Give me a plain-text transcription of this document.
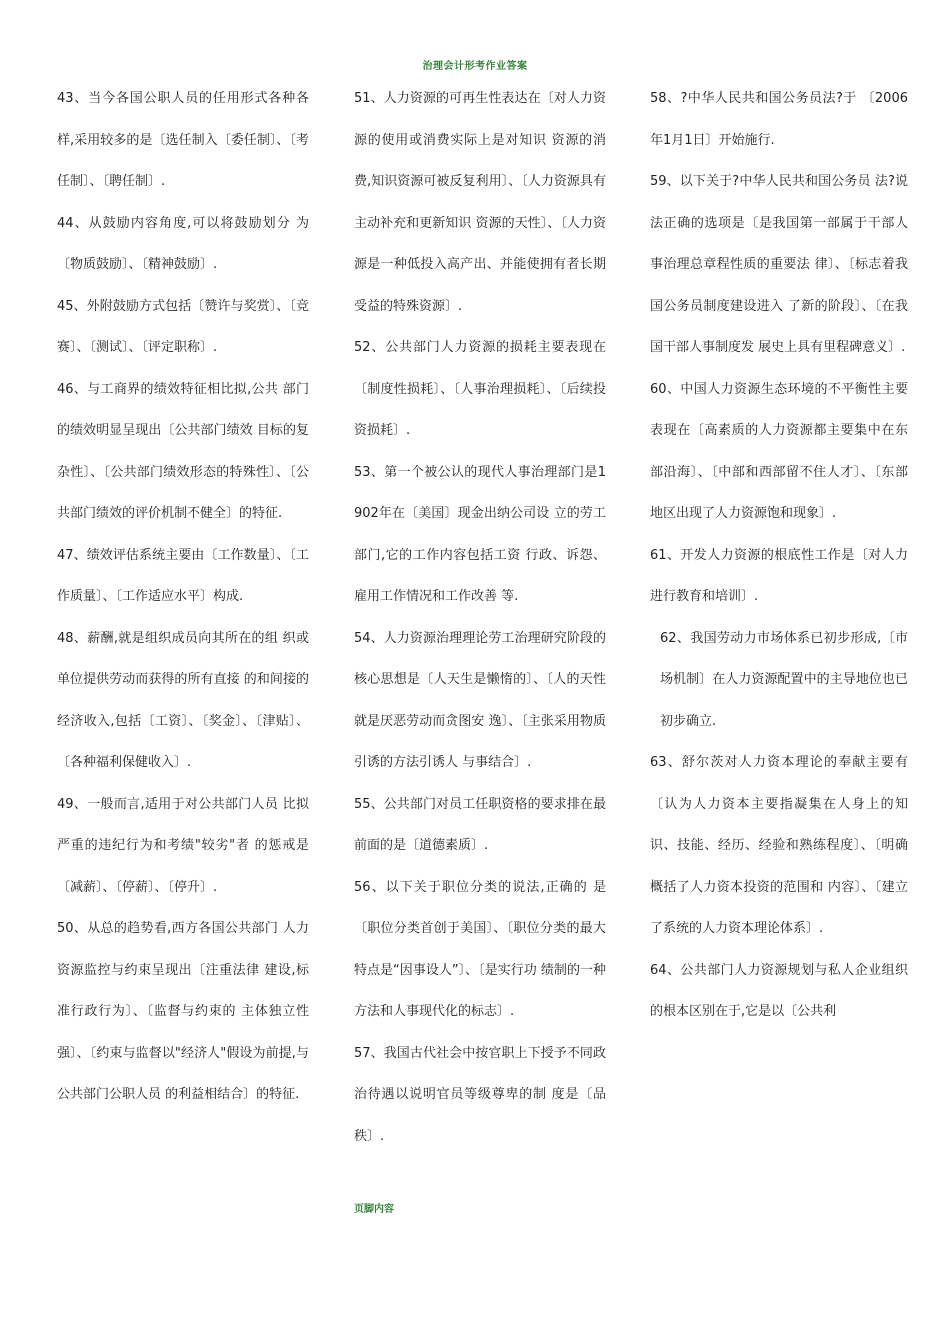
治理会计形考作业答案

43、当今各国公职人员的任用形式各种各样,采用较多的是〔选任制入〔委任制〕、〔考任制〕、〔聘任制〕.

44、从鼓励内容角度,可以将鼓励划分 为〔物质鼓励〕、〔精神鼓励〕.

45、外附鼓励方式包括〔赞许与奖赏〕、〔竞赛〕、〔测试〕、〔评定职称〕.

46、与工商界的绩效特征相比拟,公共 部门的绩效明显呈现出〔公共部门绩效 目标的复杂性〕、〔公共部门绩效形态的特殊性〕、〔公共部门绩效的评价机制不健全〕的特征.

47、绩效评估系统主要由〔工作数量〕、〔工作质量〕、〔工作适应水平〕构成.

48、薪酬,就是组织成员向其所在的组 织或单位提供劳动而获得的所有直接 的和间接的经济收入,包括〔工资〕、〔奖金〕、〔津贴〕、〔各种福利保健收入〕.

49、一般而言,适用于对公共部门人员 比拟严重的违纪行为和考绩"较劣"者 的惩戒是〔减薪〕、〔停薪〕、〔停升〕.

50、从总的趋势看,西方各国公共部门 人力资源监控与约束呈现出〔注重法律 建设,标准行政行为〕、〔监督与约束的 主体独立性强〕、〔约束与监督以"经济人"假设为前提,与公共部门公职人员 的利益相结合〕的特征.

51、人力资源的可再生性表达在〔对人力资源的使用或消费实际上是对知识 资源的消费,知识资源可被反复利用〕、〔人力资源具有主动补充和更新知识 资源的天性〕、〔人力资源是一种低投入高产出、并能使拥有者长期受益的特殊资源〕.

52、公共部门人力资源的损耗主要表现在〔制度性损耗〕、〔人事治理损耗〕、〔后续投资损耗〕.

53、第一个被公认的现代人事治理部门是1902年在〔美国〕现金出纳公司设 立的劳工部门,它的工作内容包括工资 行政、诉怨、雇用工作情况和工作改善 等.

54、人力资源治理理论劳工治理研究阶段的核心思想是〔人天生是懒惰的〕、〔人的天性就是厌恶劳动而贪图安 逸〕、〔主张采用物质引诱的方法引诱人 与事结合〕.

55、公共部门对员工任职资格的要求排在最前面的是〔道德素质〕.

56、以下关于职位分类的说法,正确的 是〔职位分类首创于美国〕、〔职位分类的最大特点是“因事设人”〕、〔是实行功 绩制的一种方法和人事现代化的标志〕.

57、我国古代社会中按官职上下授予不同政治待遇以说明官员等级尊卑的制 度是〔品秩〕.

58、?中华人民共和国公务员法?于 〔2006年1月1日〕开始施行.

59、以下关于?中华人民共和国公务员 法?说法正确的选项是〔是我国第一部属于干部人事治理总章程性质的重要法 律〕、〔标志着我国公务员制度建设进入 了新的阶段〕、〔在我国干部人事制度发 展史上具有里程碑意义〕.

60、中国人力资源生态环境的不平衡性主要表现在〔高素质的人力资源都主要集中在东部沿海〕、〔中部和西部留不住人才〕、〔东部地区出现了人力资源饱和现象〕.

61、开发人力资源的根底性工作是〔对人力进行教育和培训〕.

62、我国劳动力市场体系已初步形成,〔市场机制〕在人力资源配置中的主导地位也已初步确立.

63、舒尔茨对人力资本理论的奉献主要有〔认为人力资本主要指凝集在人身上的知识、技能、经历、经验和熟练程度〕、〔明确概括了人力资本投资的范围和 内容〕、〔建立了系统的人力资本理论体系〕.

64、公共部门人力资源规划与私人企业组织的根本区别在于,它是以〔公共利

页脚内容
